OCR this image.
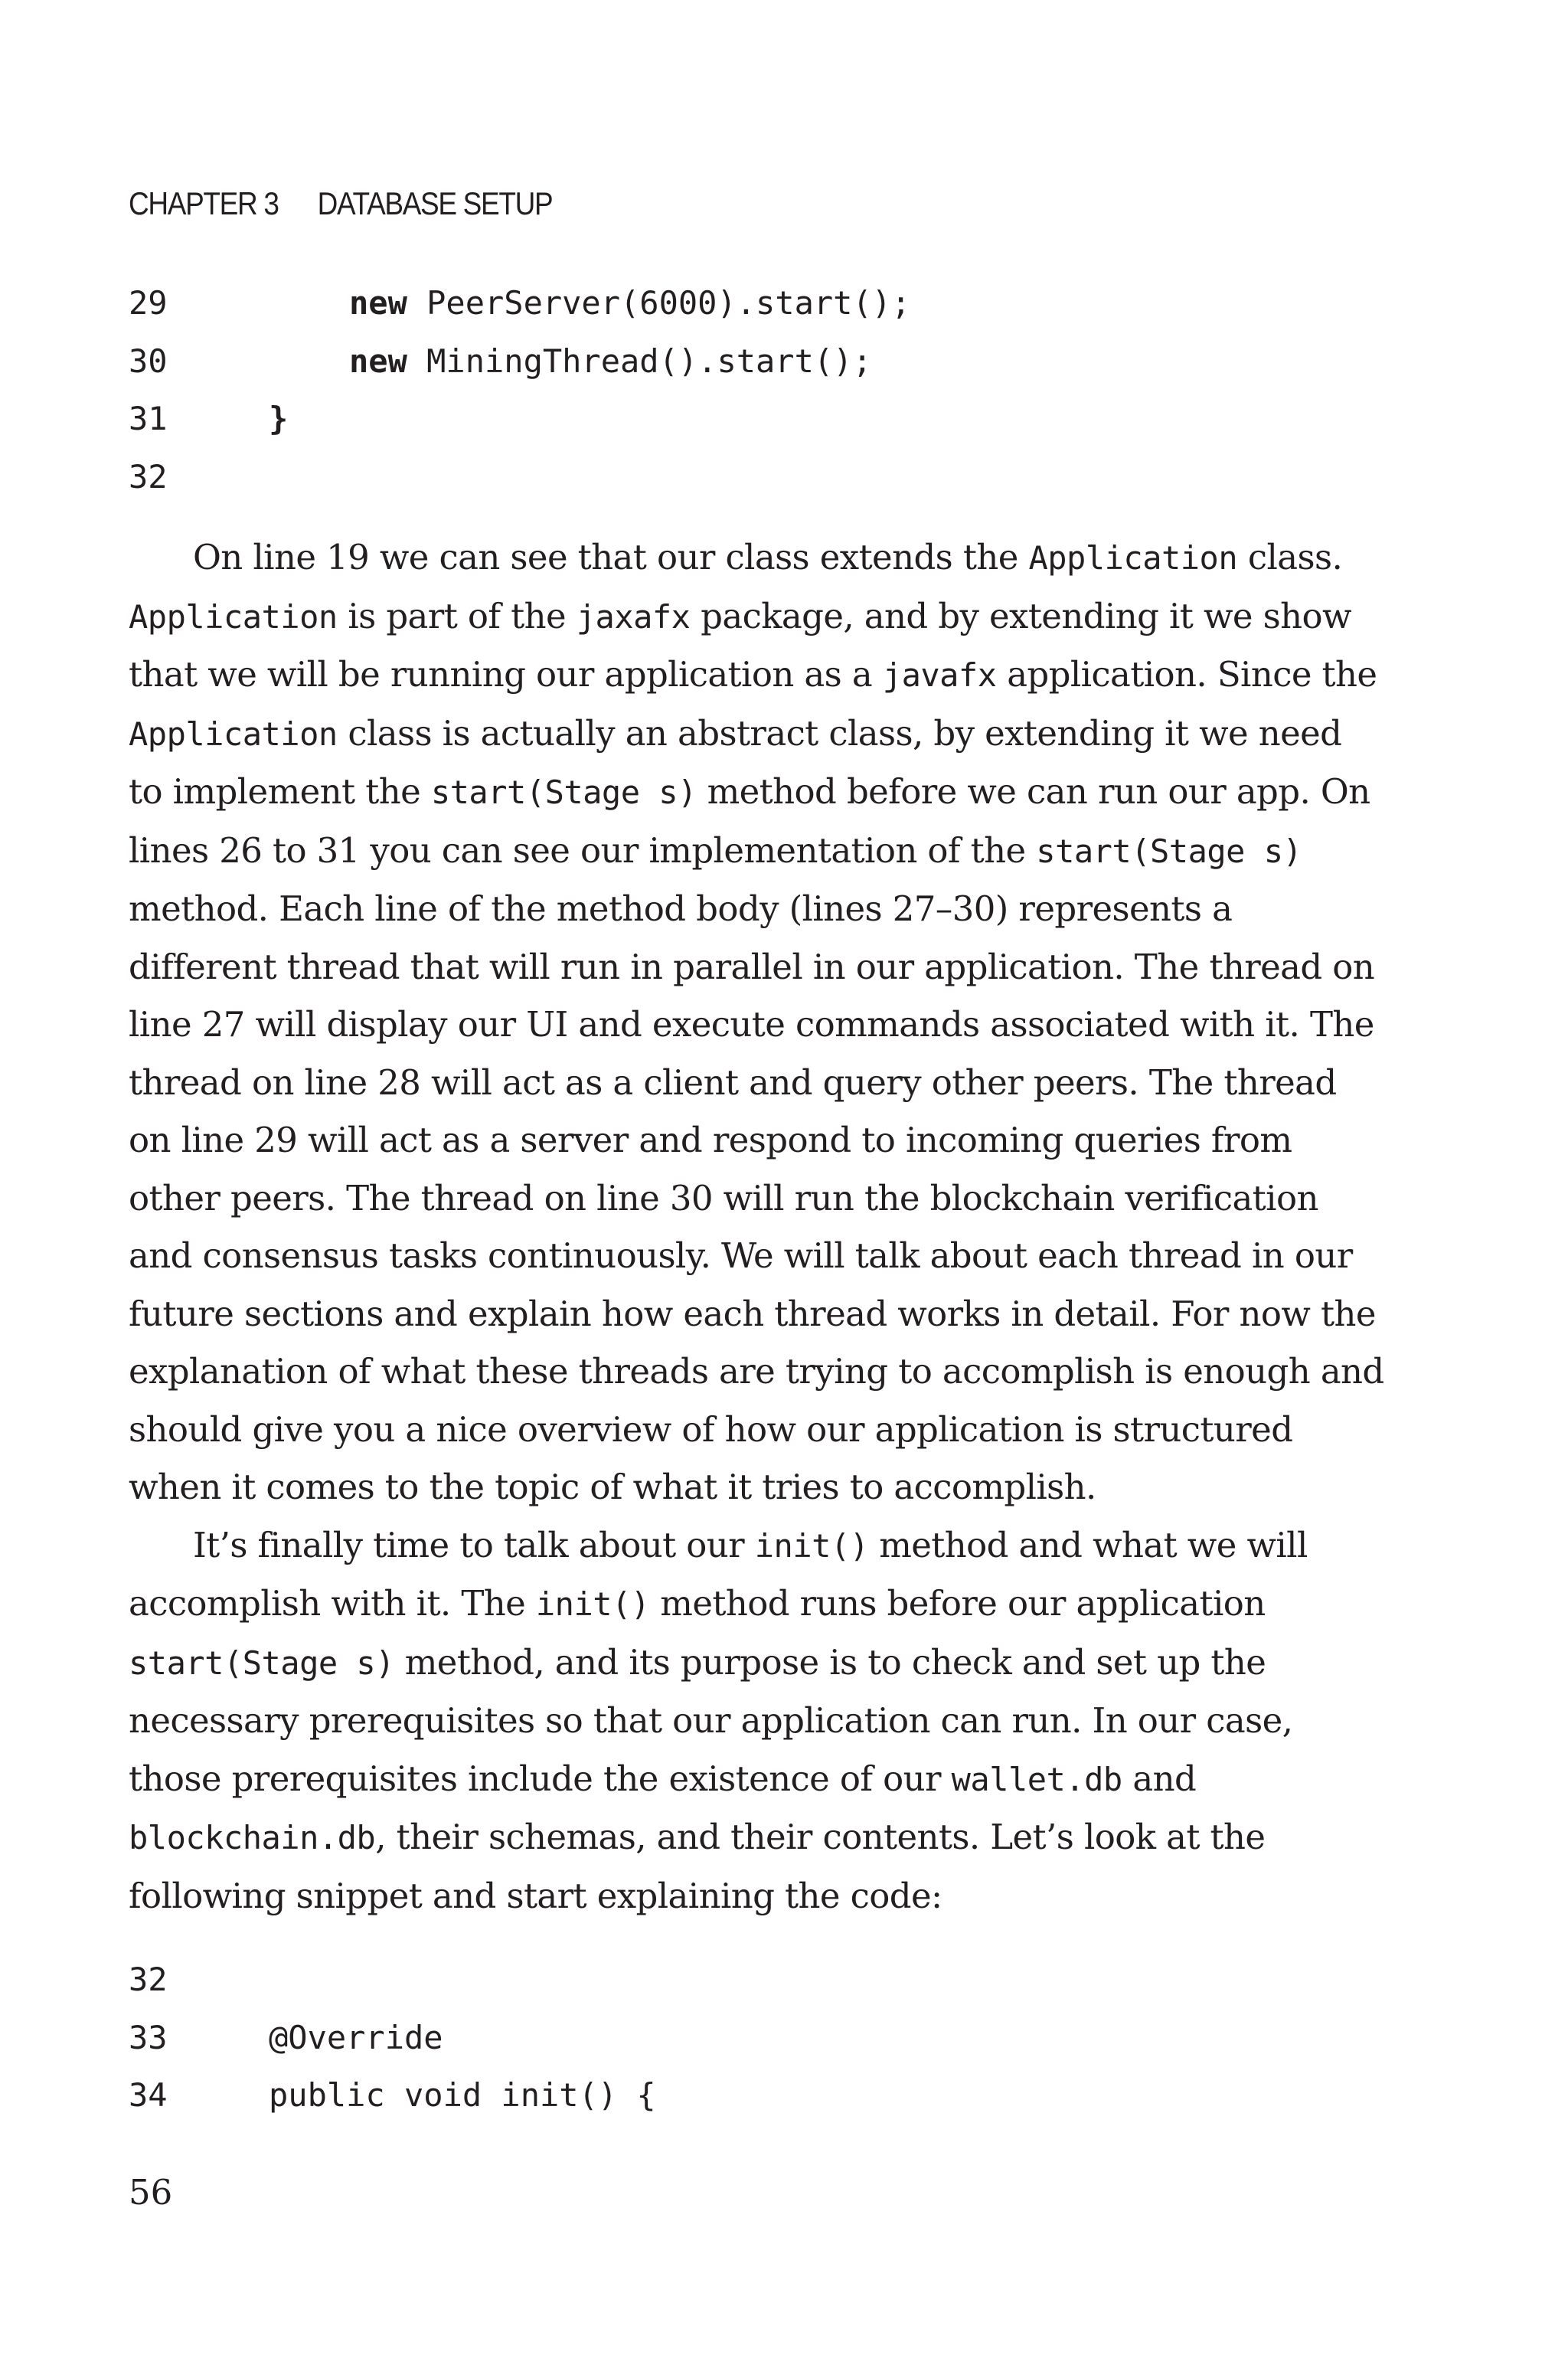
CHAPTER 3 DATABASE SETUP

29

	new PeerServer(6000).start();

30

	new MiningThread().start();

31

	}

32

On line 19 we can see that our class extends the Application class. Application is part of the jaxafx package, and by extending it we show that we will be running our application as a javafx application. Since the Application class is actually an abstract class, by extending it we need to implement the start(Stage s) method before we can run our app. On lines 26 to 31 you can see our implementation of the start(Stage s) method. Each line of the method body (lines 27–30) represents a different thread that will run in parallel in our application. The thread on line 27 will display our UI and execute commands associated with it. The thread on line 28 will act as a client and query other peers. The thread on line 29 will act as a server and respond to incoming queries from other peers. The thread on line 30 will run the blockchain verification and consensus tasks continuously. We will talk about each thread in our future sections and explain how each thread works in detail. For now the explanation of what these threads are trying to accomplish is enough and should give you a nice overview of how our application is structured when it comes to the topic of what it tries to accomplish.

It’s finally time to talk about our init() method and what we will accomplish with it. The init() method runs before our application start(Stage s) method, and its purpose is to check and set up the necessary prerequisites so that our application can run. In our case, those prerequisites include the existence of our wallet.db and blockchain.db, their schemas, and their contents. Let’s look at the following snippet and start explaining the code:

32

33

	@Override

34

	public void init() {

56
